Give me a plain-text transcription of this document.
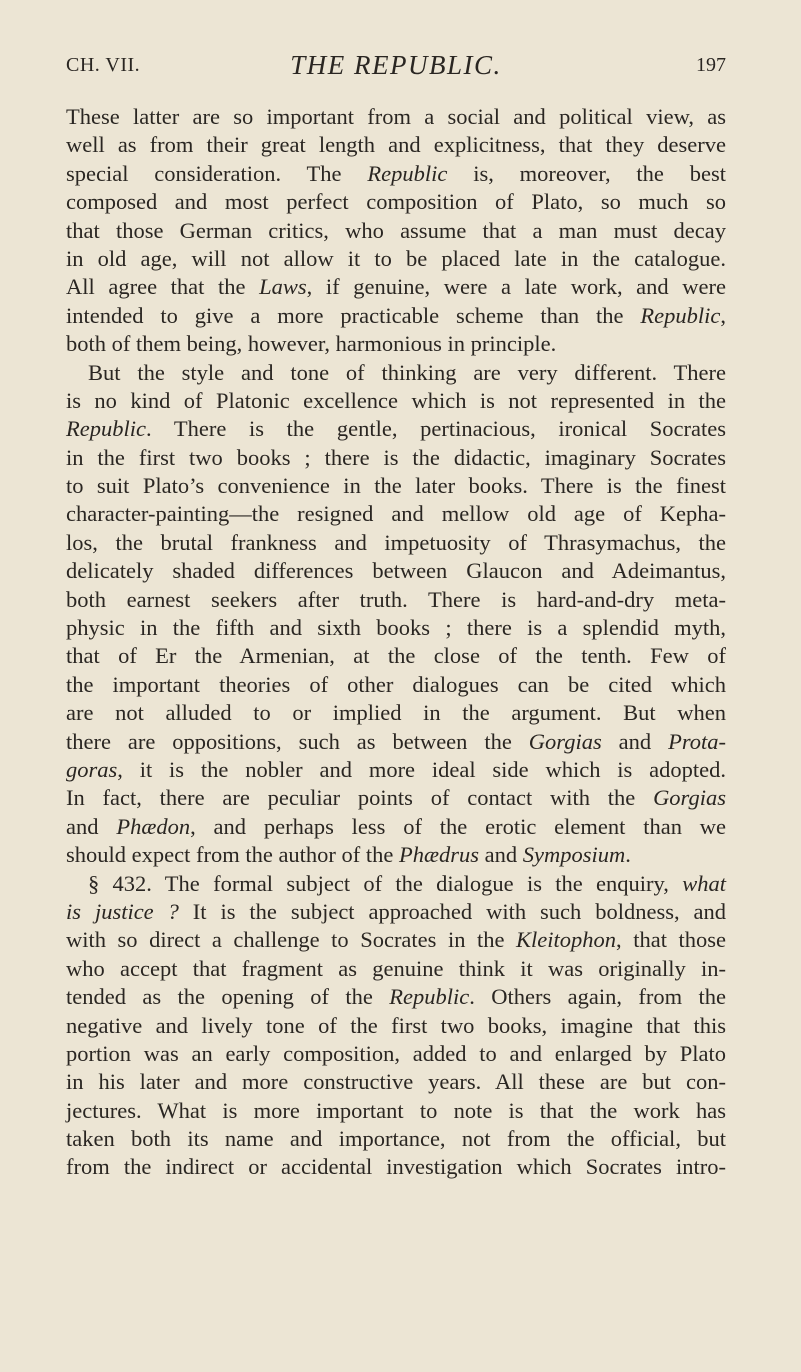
CH. VII.	THE REPUBLIC.	197
These latter are so important from a social and political view, as
well as from their great length and explicitness, that they deserve
special consideration. The Republic is, moreover, the best
composed and most perfect composition of Plato, so much so
that those German critics, who assume that a man must decay
in old age, will not allow it to be placed late in the catalogue.
All agree that the Laws, if genuine, were a late work, and were
intended to give a more practicable scheme than the Republic,
both of them being, however, harmonious in principle.
But the style and tone of thinking are very different. There
is no kind of Platonic excellence which is not represented in the
Republic. There is the gentle, pertinacious, ironical Socrates
in the first two books ; there is the didactic, imaginary Socrates
to suit Plato’s convenience in the later books. There is the finest
character-painting—the resigned and mellow old age of Kepha-
los, the brutal frankness and impetuosity of Thrasymachus, the
delicately shaded differences between Glaucon and Adeimantus,
both earnest seekers after truth. There is hard-and-dry meta-
physic in the fifth and sixth books ; there is a splendid myth,
that of Er the Armenian, at the close of the tenth. Few of
the important theories of other dialogues can be cited which
are not alluded to or implied in the argument. But when
there are oppositions, such as between the Gorgias and Prota-
goras, it is the nobler and more ideal side which is adopted.
In fact, there are peculiar points of contact with the Gorgias
and Phædon, and perhaps less of the erotic element than we
should expect from the author of the Phædrus and Symposium.
§ 432. The formal subject of the dialogue is the enquiry, what
is justice ? It is the subject approached with such boldness, and
with so direct a challenge to Socrates in the Kleitophon, that those
who accept that fragment as genuine think it was originally in-
tended as the opening of the Republic. Others again, from the
negative and lively tone of the first two books, imagine that this
portion was an early composition, added to and enlarged by Plato
in his later and more constructive years. All these are but con-
jectures. What is more important to note is that the work has
taken both its name and importance, not from the official, but
from the indirect or accidental investigation which Socrates intro-
